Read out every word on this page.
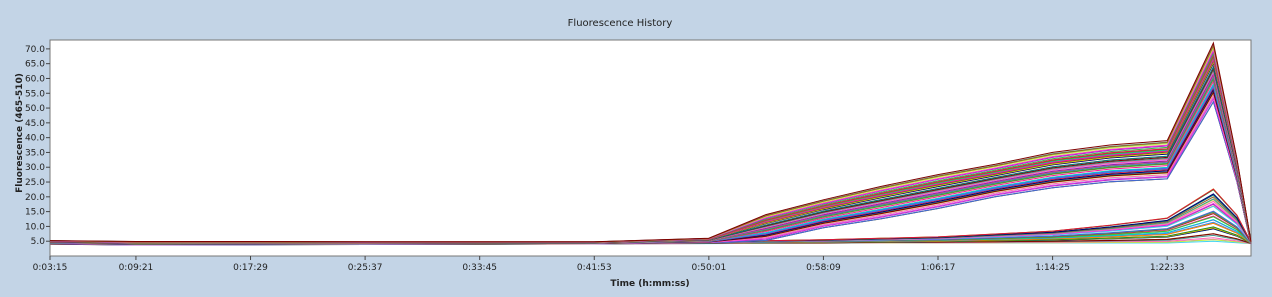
Fluorescence History
5.0
10.0
15.0
20.0
25.0
30.0
35.0
40.0
45.0
50.0
55.0
60.0
65.0
70.0
0:03:15	0:09:21	0:17:29	0:25:37	0:33:45	0:41:53	0:50:01	0:58:09	1:06:17	1:14:25	1:22:33
Fluorescence (465-510)
Time (h:mm:ss)
